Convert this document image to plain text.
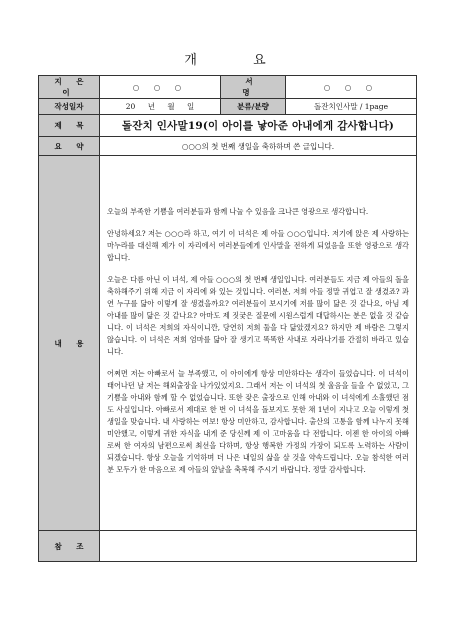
개 요
지 은 이	○ ○ ○	서 명	○ ○ ○
작성일자	20 년 월 일	분류/분량	돌잔치인사말 / 1page
제 목	돌잔치 인사말19(이 아이를 낳아준 아내에게 감사합니다)		
요 약	○○○의 첫 번째 생일을 축하하며 쓴 글입니다.		
내 용	오늘의 부족한 기쁨을 여러분들과 함께 나눌 수 있음을 크나큰 영광으로 생각합니다.

안녕하세요? 저는 ○○○라 하고, 여기 이 녀석은 제 아들 ○○○입니다. 저기에 앉은 제 사랑하는 마누라를 대신해 제가 이 자리에서 여러분들에게 인사말을 전하게 되었음을 또한 영광으로 생각합니다.

오늘은 다름 아닌 이 녀석, 제 아들 ○○○의 첫 번째 생일입니다. 여러분들도 지금 제 아들의 돌을 축하해주기 위해 지금 이 자리에 와 있는 것입니다. 여러분, 저희 아들 정말 귀엽고 잘 생겼죠? 과연 누구를 닮아 이렇게 잘 생겼을까요? 여러분들이 보시기에 저를 많이 닮은 것 같나요, 아님 제 아내를 많이 닮은 것 같나요? 아마도 제 짓궂은 질문에 시원스럽게 대답하시는 분은 없을 것 같습니다. 이 녀석은 저희의 자식이니깐, 당연히 저희 둘을 다 닮았겠지요? 하지만 제 바람은 그렇지 않습니다. 이 녀석은 저희 엄마를 닮아 잘 생기고 똑똑한 사내로 자라나기를 간절히 바라고 있습니다.

어쩌면 저는 아빠로서 늘 부족했고, 이 아이에게 항상 미안하다는 생각이 들었습니다. 이 녀석이 태어나던 날 저는 해외출장을 나가있었지요. 그래서 저는 이 녀석의 첫 울음을 들을 수 없었고, 그 기쁨을 아내와 함께 할 수 없었습니다. 또한 잦은 출장으로 인해 아내와 이 녀석에게 소홀했던 점도 사실입니다. 아빠로서 제대로 한 번 이 녀석을 돌보지도 못한 채 1년이 지나고 오늘 이렇게 첫 생일을 맞습니다. 내 사랑하는 여보! 항상 미안하고, 감사합니다. 출산의 고통을 함께 나누지 못해 미안했고, 이렇게 귀한 자식을 내게 준 당신께 제 이 고마움을 다 전합니다. 이젠 한 아이의 아빠로써 한 여자의 남편으로써 최선을 다하며, 항상 행복한 가정의 가장이 되도록 노력하는 사람이 되겠습니다. 항상 오늘을 기억하며 더 나은 내일의 삶을 살 것을 약속드립니다. 오늘 참석한 여러분 모두가 한 마음으로 제 아들의 앞날을 축복해 주시기 바랍니다. 정말 감사합니다.		

참 조			
